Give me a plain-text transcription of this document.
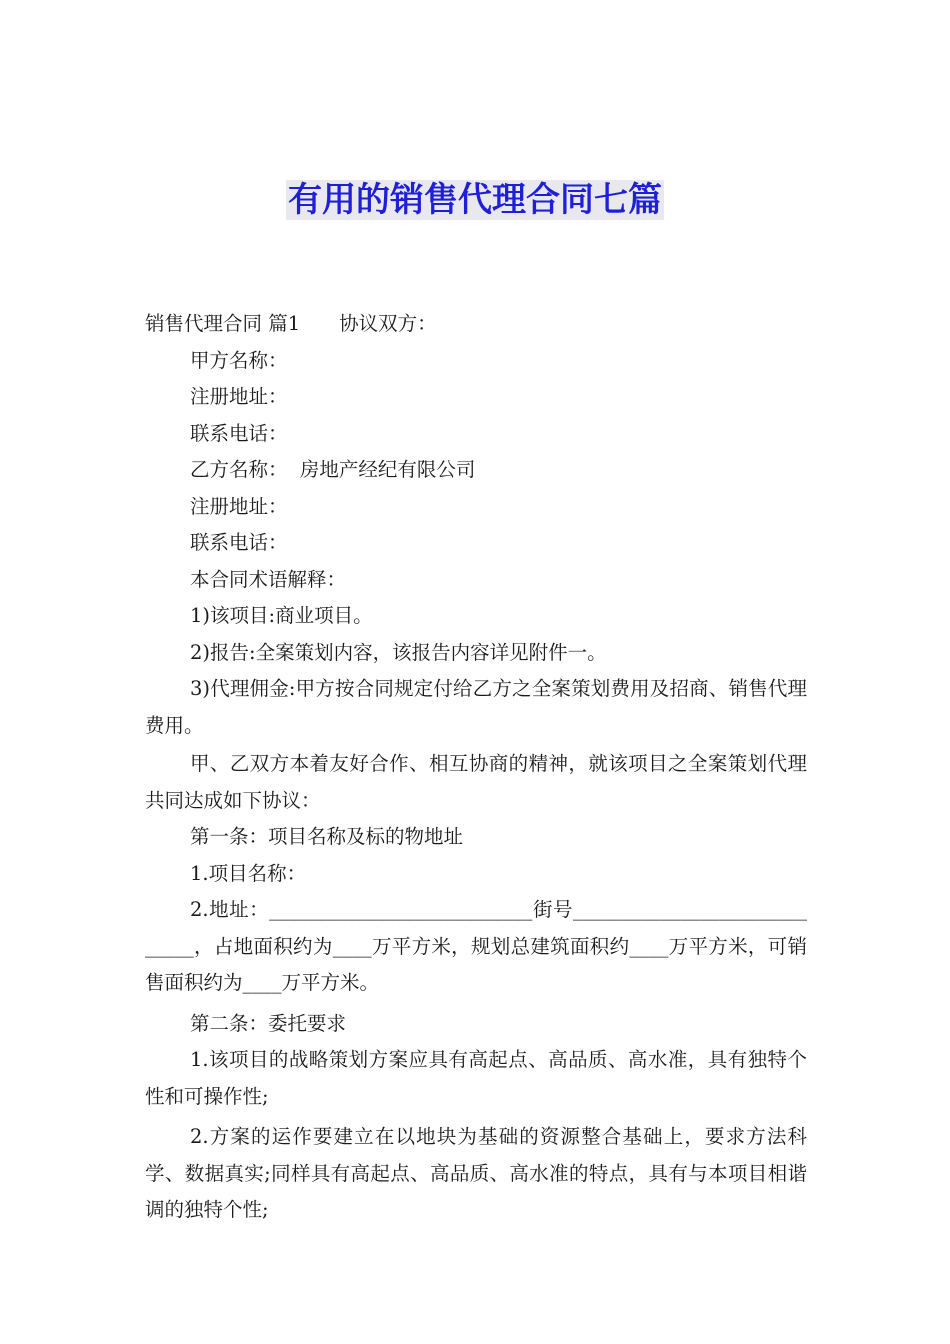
有用的销售代理合同七篇

销售代理合同 篇1　　协议双方：

甲方名称：

注册地址：

联系电话：

乙方名称：  房地产经纪有限公司

注册地址：

联系电话：

本合同术语解释：

1)该项目:商业项目。

2)报告:全案策划内容，该报告内容详见附件一。

3)代理佣金:甲方按合同规定付给乙方之全案策划费用及招商、销售代理费用。

甲、乙双方本着友好合作、相互协商的精神，就该项目之全案策划代理共同达成如下协议：

第一条：项目名称及标的物地址

1.项目名称：

2.地址：___________________________街号_____________________________，占地面积约为____万平方米，规划总建筑面积约____万平方米，可销售面积约为____万平方米。

第二条：委托要求

1.该项目的战略策划方案应具有高起点、高品质、高水准，具有独特个性和可操作性;

2.方案的运作要建立在以地块为基础的资源整合基础上，要求方法科学、数据真实;同样具有高起点、高品质、高水准的特点，具有与本项目相谐调的独特个性;
